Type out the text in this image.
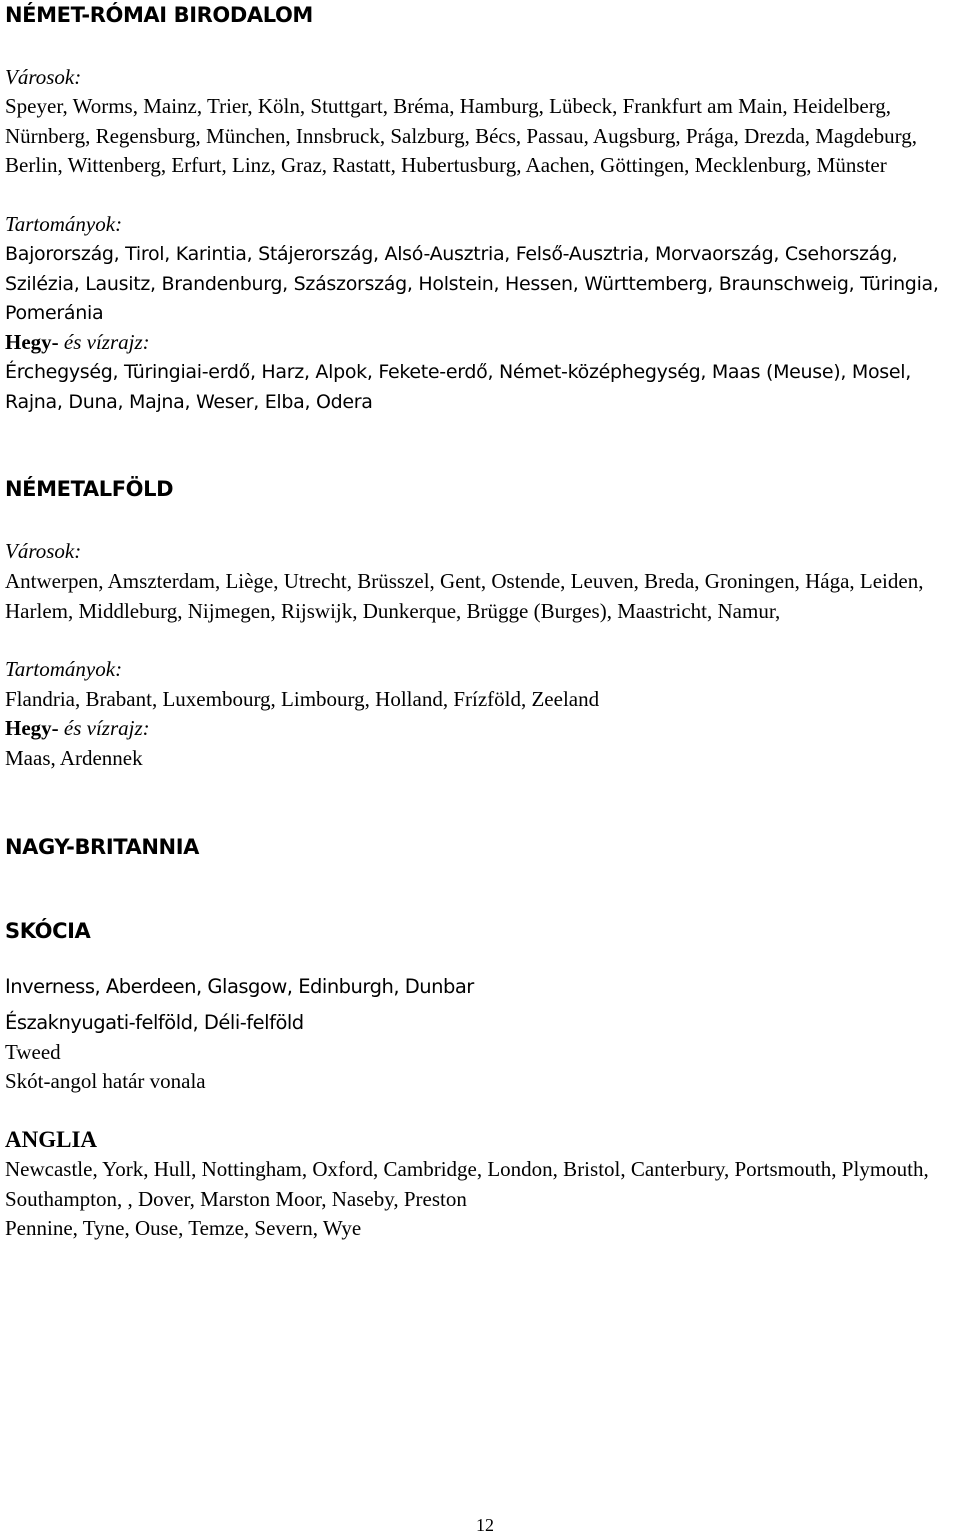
NÉMET-RÓMAI BIRODALOM
Városok:
Speyer, Worms, Mainz, Trier, Köln, Stuttgart, Bréma, Hamburg, Lübeck, Frankfurt am Main, Heidelberg, Nürnberg, Regensburg, München, Innsbruck, Salzburg, Bécs, Passau, Augsburg, Prága, Drezda, Magdeburg, Berlin, Wittenberg, Erfurt, Linz, Graz, Rastatt, Hubertusburg, Aachen, Göttingen, Mecklenburg, Münster
Tartományok:
Bajorország, Tirol, Karintia, Stájerország, Alsó-Ausztria, Felső-Ausztria, Morvaország, Csehország, Szilézia, Lausitz, Brandenburg, Szászország, Holstein, Hessen, Württemberg, Braunschweig, Türingia, Pomeránia
Hegy- és vízrajz:
Érchegység, Türingiai-erdő, Harz, Alpok, Fekete-erdő, Német-középhegység, Maas (Meuse), Mosel, Rajna, Duna, Majna, Weser, Elba, Odera
NÉMETALFÖLD
Városok:
Antwerpen, Amszterdam, Liège, Utrecht, Brüsszel, Gent, Ostende, Leuven, Breda, Groningen, Hága, Leiden, Harlem, Middleburg, Nijmegen, Rijswijk, Dunkerque, Brügge (Burges), Maastricht, Namur,
Tartományok:
Flandria, Brabant, Luxembourg, Limbourg, Holland, Frízföld, Zeeland
Hegy- és vízrajz:
Maas, Ardennek
NAGY-BRITANNIA
SKÓCIA
Inverness, Aberdeen, Glasgow, Edinburgh, Dunbar
Északnyugati-felföld, Déli-felföld
Tweed
Skót-angol határ vonala
ANGLIA
Newcastle, York, Hull, Nottingham, Oxford, Cambridge, London, Bristol, Canterbury, Portsmouth, Plymouth, Southampton, , Dover, Marston Moor, Naseby, Preston
Pennine, Tyne, Ouse, Temze, Severn, Wye
12
